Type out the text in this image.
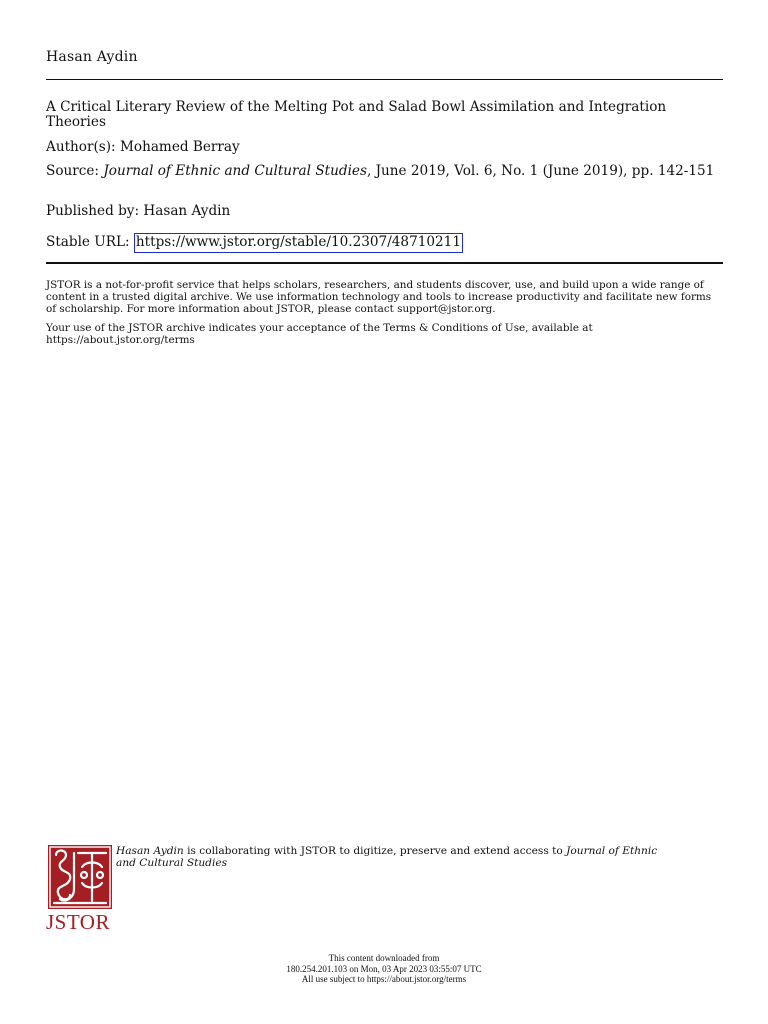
Hasan Aydin
A Critical Literary Review of the Melting Pot and Salad Bowl Assimilation and Integration Theories
Author(s): Mohamed Berray
Source: Journal of Ethnic and Cultural Studies, June 2019, Vol. 6, No. 1 (June 2019), pp. 142-151
Published by: Hasan Aydin
Stable URL: https://www.jstor.org/stable/10.2307/48710211
JSTOR is a not-for-profit service that helps scholars, researchers, and students discover, use, and build upon a wide range of content in a trusted digital archive. We use information technology and tools to increase productivity and facilitate new forms of scholarship. For more information about JSTOR, please contact support@jstor.org.
Your use of the JSTOR archive indicates your acceptance of the Terms & Conditions of Use, available at https://about.jstor.org/terms
JSTOR
Hasan Aydin is collaborating with JSTOR to digitize, preserve and extend access to Journal of Ethnic and Cultural Studies
This content downloaded from
180.254.201.103 on Mon, 03 Apr 2023 03:55:07 UTC
All use subject to https://about.jstor.org/terms
